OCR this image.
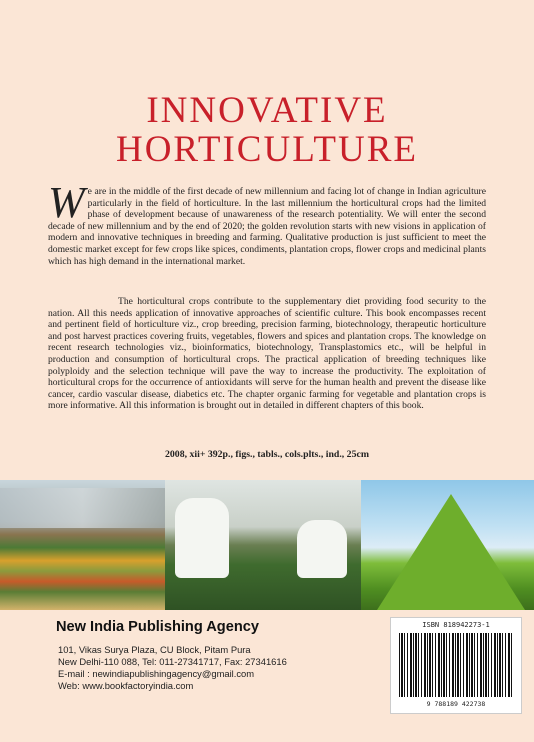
INNOVATIVE
HORTICULTURE
We are in the middle of the first decade of new millennium and facing lot of change in Indian agriculture particularly in the field of horticulture. In the last millennium the horticultural crops had the limited phase of development because of unawareness of the research potentiality. We will enter the second decade of new millennium and by the end of 2020; the golden revolution starts with new visions in application of modern and innovative techniques in breeding and farming. Qualitative production is just sufficient to meet the domestic market except for few crops like spices, condiments, plantation crops, flower crops and medicinal plants which has high demand in the international market.
The horticultural crops contribute to the supplementary diet providing food security to the nation. All this needs application of innovative approaches of scientific culture. This book encompasses recent and pertinent field of horticulture viz., crop breeding, precision farming, biotechnology, therapeutic horticulture and post harvest practices covering fruits, vegetables, flowers and spices and plantation crops. The knowledge on recent research technologies viz., bioinformatics, biotechnology, Transplastomics etc., will be helpful in production and consumption of horticultural crops. The practical application of breeding techniques like polyploidy and the selection technique will pave the way to increase the productivity. The exploitation of horticultural crops for the occurrence of antioxidants will serve for the human health and prevent the disease like cancer, cardio vascular disease, diabetics etc. The chapter organic farming for vegetable and plantation crops is more informative. All this information is brought out in detailed in different chapters of this book.
2008, xii+ 392p., figs., tabls., cols.plts., ind., 25cm
New India Publishing Agency
101, Vikas Surya Plaza, CU Block, Pitam Pura
New Delhi-110 088, Tel: 011-27341717, Fax: 27341616
E-mail : newindiapublishingagency@gmail.com
Web: www.bookfactoryindia.com
ISBN 818942273-1
9 788189 422738
